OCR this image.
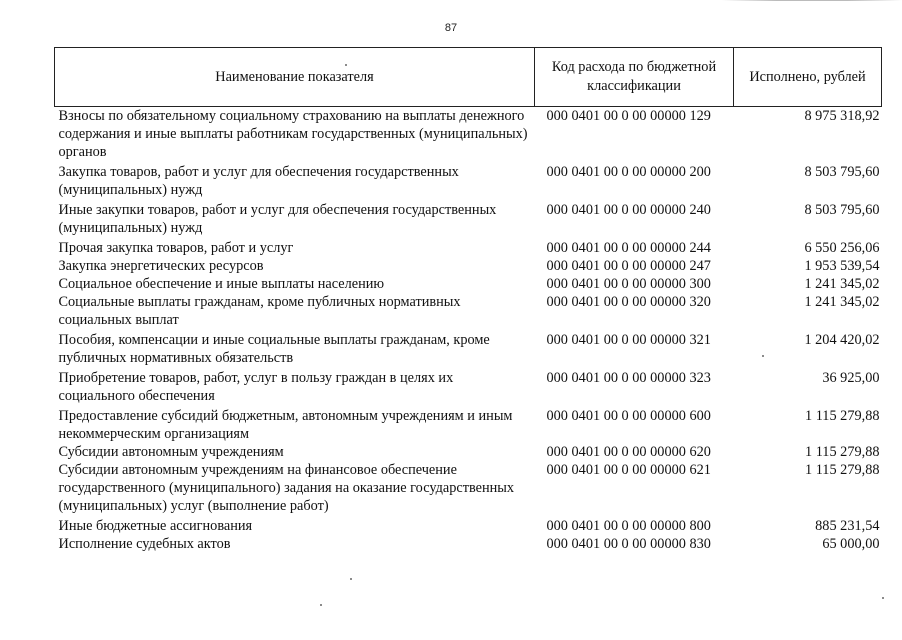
87
Наименование показателя	Код расхода по бюджетной классификации	Исполнено, рублей
Взносы по обязательному социальному страхованию на выплаты денежного содержания и иные выплаты работникам государственных (муниципальных) органов	000 0401 00 0 00 00000 129	8 975 318,92
Закупка товаров, работ и услуг для обеспечения государственных (муниципальных) нужд	000 0401 00 0 00 00000 200	8 503 795,60
Иные закупки товаров, работ и услуг для обеспечения государственных (муниципальных) нужд	000 0401 00 0 00 00000 240	8 503 795,60
Прочая закупка товаров, работ и услуг	000 0401 00 0 00 00000 244	6 550 256,06
Закупка энергетических ресурсов	000 0401 00 0 00 00000 247	1 953 539,54
Социальное обеспечение и иные выплаты населению	000 0401 00 0 00 00000 300	1 241 345,02
Социальные выплаты гражданам, кроме публичных нормативных социальных выплат	000 0401 00 0 00 00000 320	1 241 345,02
Пособия, компенсации и иные социальные выплаты гражданам, кроме публичных нормативных обязательств	000 0401 00 0 00 00000 321	1 204 420,02
Приобретение товаров, работ, услуг в пользу граждан в целях их социального обеспечения	000 0401 00 0 00 00000 323	36 925,00
Предоставление субсидий бюджетным, автономным учреждениям и иным некоммерческим организациям	000 0401 00 0 00 00000 600	1 115 279,88
Субсидии автономным учреждениям	000 0401 00 0 00 00000 620	1 115 279,88
Субсидии автономным учреждениям на финансовое обеспечение государственного (муниципального) задания на оказание государственных (муниципальных) услуг (выполнение работ)	000 0401 00 0 00 00000 621	1 115 279,88
Иные бюджетные ассигнования	000 0401 00 0 00 00000 800	885 231,54
Исполнение судебных актов	000 0401 00 0 00 00000 830	65 000,00
